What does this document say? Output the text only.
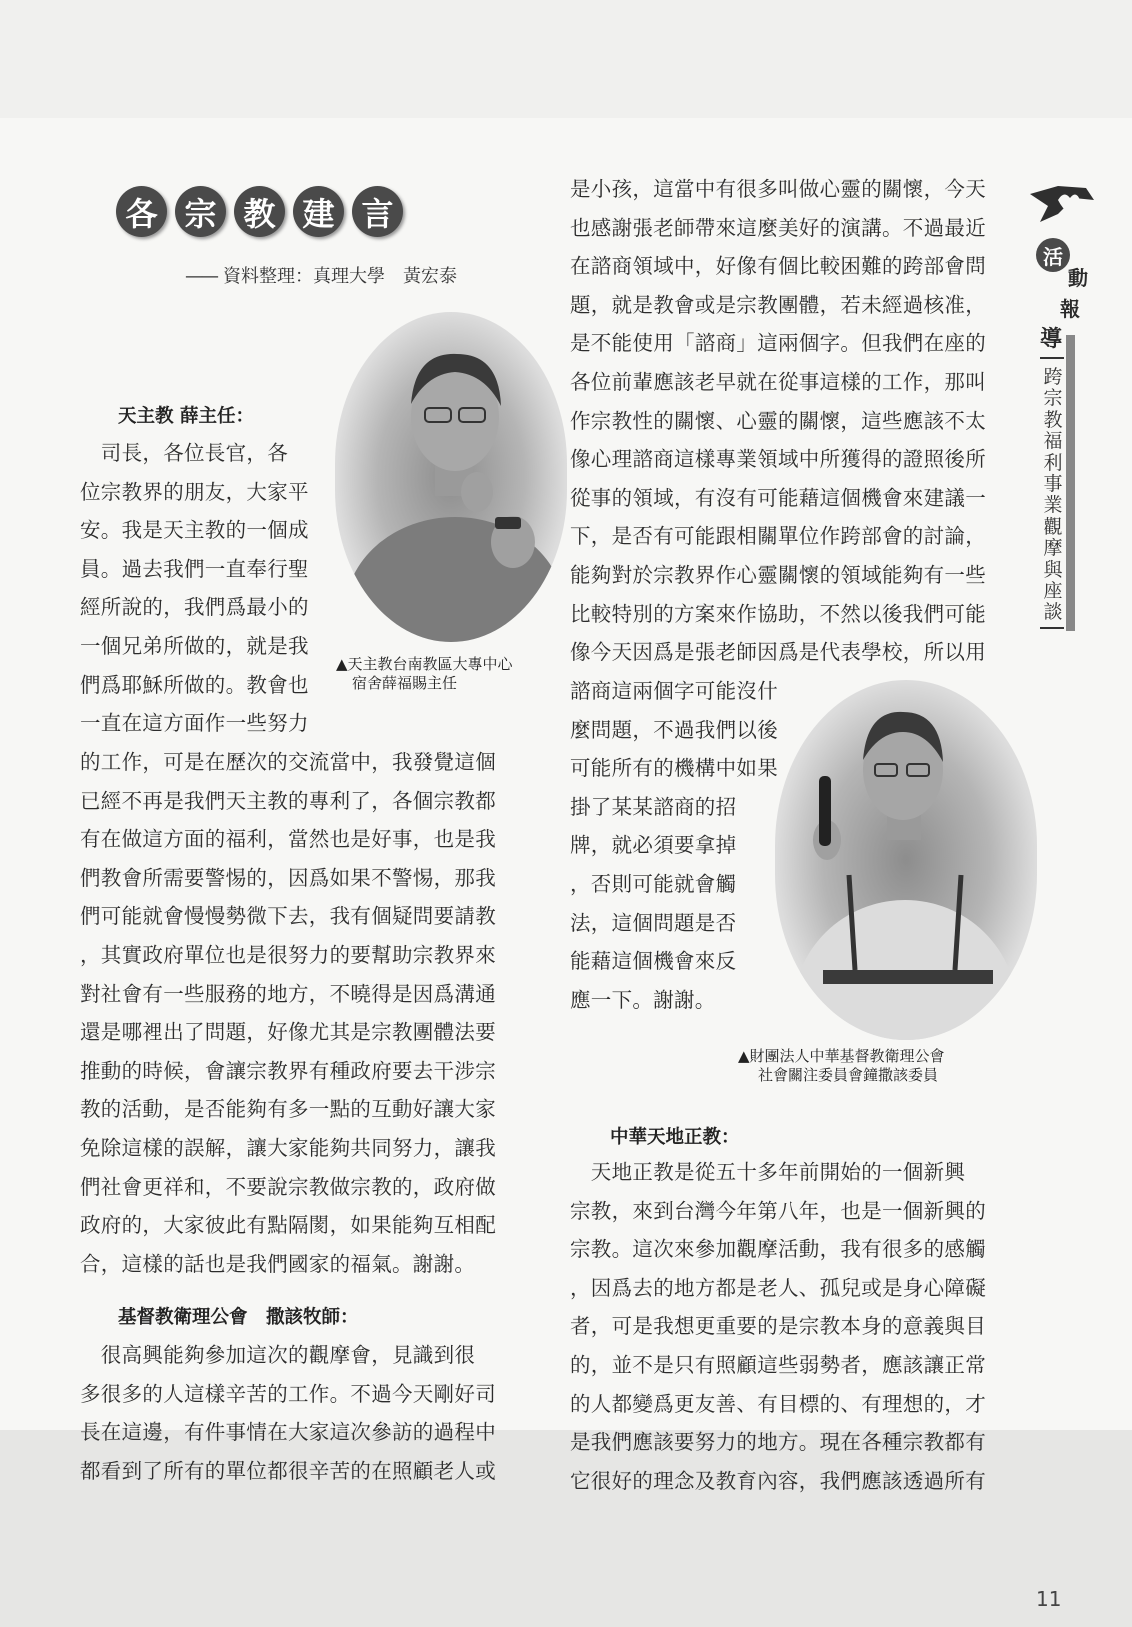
各 宗 教 建 言
—— 資料整理：真理大學　黃宏泰
天主教 薛主任：
　司長，各位長官，各
位宗教界的朋友，大家平
安。我是天主教的一個成
員。過去我們一直奉行聖
經所說的，我們爲最小的
一個兄弟所做的，就是我
們爲耶穌所做的。教會也
一直在這方面作一些努力
的工作，可是在歷次的交流當中，我發覺這個
已經不再是我們天主教的專利了，各個宗教都
有在做這方面的福利，當然也是好事，也是我
們教會所需要警惕的，因爲如果不警惕，那我
們可能就會慢慢勢微下去，我有個疑問要請教
，其實政府單位也是很努力的要幫助宗教界來
對社會有一些服務的地方，不曉得是因爲溝通
還是哪裡出了問題，好像尤其是宗教團體法要
推動的時候，會讓宗教界有種政府要去干涉宗
教的活動，是否能夠有多一點的互動好讓大家
免除這樣的誤解，讓大家能夠共同努力，讓我
們社會更祥和，不要說宗教做宗教的，政府做
政府的，大家彼此有點隔閡，如果能夠互相配
合，這樣的話也是我們國家的福氣。謝謝。
▲天主教台南教區大專中心
宿舍薛福賜主任
基督教衛理公會　撒該牧師：
　很高興能夠參加這次的觀摩會，見識到很
多很多的人這樣辛苦的工作。不過今天剛好司
長在這邊，有件事情在大家這次參訪的過程中
都看到了所有的單位都很辛苦的在照顧老人或
是小孩，這當中有很多叫做心靈的關懷，今天
也感謝張老師帶來這麼美好的演講。不過最近
在諮商領域中，好像有個比較困難的跨部會問
題，就是教會或是宗教團體，若未經過核准，
是不能使用「諮商」這兩個字。但我們在座的
各位前輩應該老早就在從事這樣的工作，那叫
作宗教性的關懷、心靈的關懷，這些應該不太
像心理諮商這樣專業領域中所獲得的證照後所
從事的領域，有沒有可能藉這個機會來建議一
下，是否有可能跟相關單位作跨部會的討論，
能夠對於宗教界作心靈關懷的領域能夠有一些
比較特別的方案來作協助，不然以後我們可能
像今天因爲是張老師因爲是代表學校，所以用
諮商這兩個字可能沒什
麼問題，不過我們以後
可能所有的機構中如果
掛了某某諮商的招
牌，就必須要拿掉
，否則可能就會觸
法，這個問題是否
能藉這個機會來反
應一下。謝謝。
▲財團法人中華基督教衛理公會
社會關注委員會鐘撒該委員
中華天地正教：
　天地正教是從五十多年前開始的一個新興
宗教，來到台灣今年第八年，也是一個新興的
宗教。這次來參加觀摩活動，我有很多的感觸
，因爲去的地方都是老人、孤兒或是身心障礙
者，可是我想更重要的是宗教本身的意義與目
的，並不是只有照顧這些弱勢者，應該讓正常
的人都變爲更友善、有目標的、有理想的，才
是我們應該要努力的地方。現在各種宗教都有
它很好的理念及教育內容，我們應該透過所有
活
動
報
導
跨宗教福利事業觀摩與座談
11
